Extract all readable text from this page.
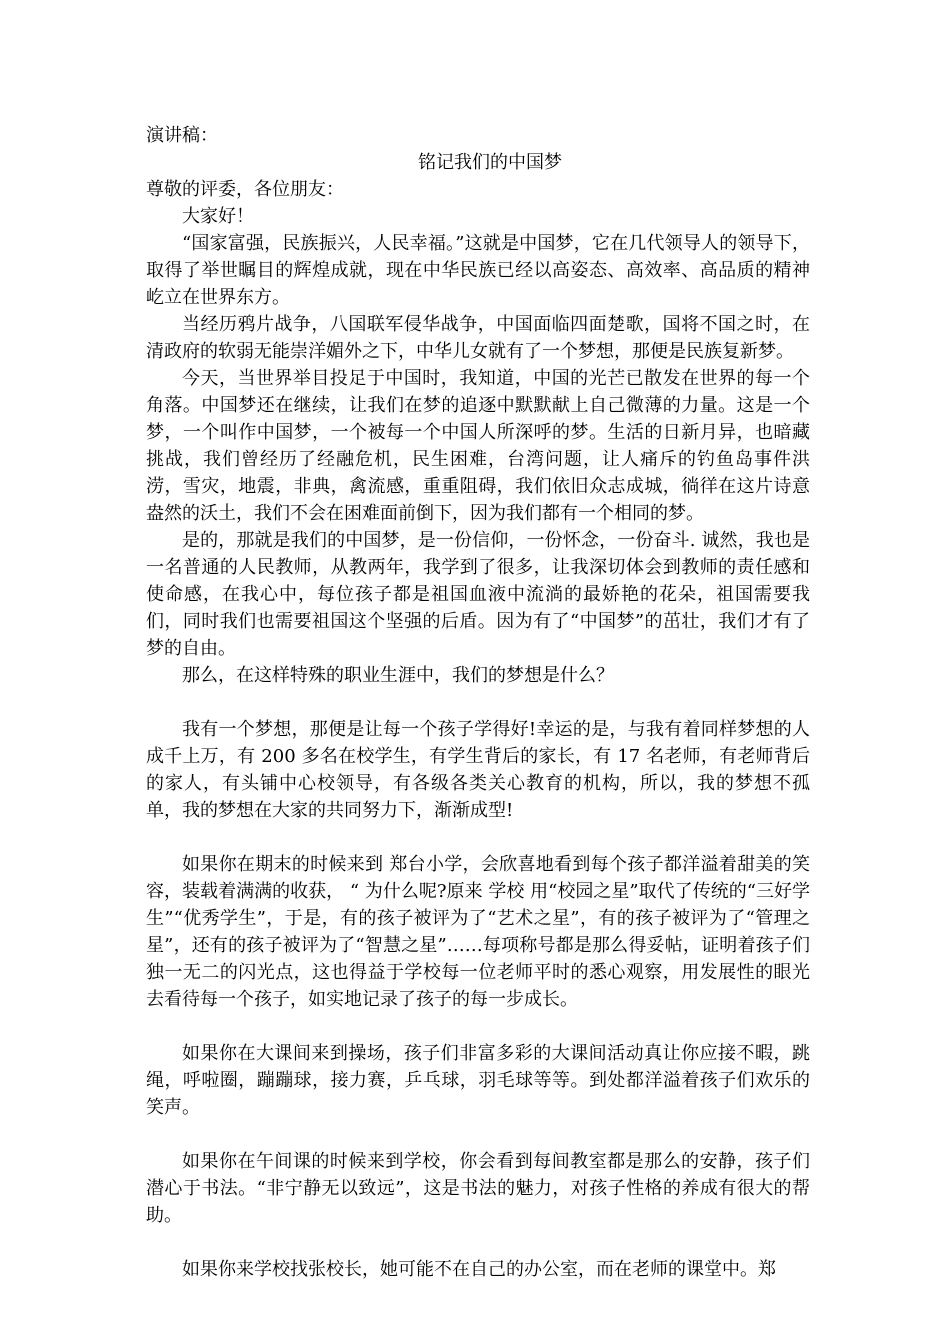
演讲稿：

铭记我们的中国梦

尊敬的评委，各位朋友：

大家好！

“国家富强，民族振兴，人民幸福。”这就是中国梦，它在几代领导人的领导下，取得了举世瞩目的辉煌成就，现在中华民族已经以高姿态、高效率、高品质的精神屹立在世界东方。

当经历鸦片战争，八国联军侵华战争，中国面临四面楚歌，国将不国之时，在清政府的软弱无能崇洋媚外之下，中华儿女就有了一个梦想，那便是民族复新梦。

今天，当世界举目投足于中国时，我知道，中国的光芒已散发在世界的每一个角落。中国梦还在继续，让我们在梦的追逐中默默献上自己微薄的力量。这是一个梦，一个叫作中国梦，一个被每一个中国人所深呼的梦。生活的日新月异，也暗藏挑战，我们曾经历了经融危机，民生困难，台湾问题，让人痛斥的钓鱼岛事件洪涝，雪灾，地震，非典，禽流感，重重阻碍，我们依旧众志成城，徜徉在这片诗意盎然的沃土，我们不会在困难面前倒下，因为我们都有一个相同的梦。

是的，那就是我们的中国梦，是一份信仰，一份怀念，一份奋斗. 诚然，我也是一名普通的人民教师，从教两年，我学到了很多，让我深切体会到教师的责任感和使命感，在我心中，每位孩子都是祖国血液中流淌的最娇艳的花朵，祖国需要我们，同时我们也需要祖国这个坚强的后盾。因为有了“中国梦”的茁壮，我们才有了梦的自由。

那么，在这样特殊的职业生涯中，我们的梦想是什么？

我有一个梦想，那便是让每一个孩子学得好!幸运的是，与我有着同样梦想的人成千上万，有 200 多名在校学生，有学生背后的家长，有 17 名老师，有老师背后的家人，有头铺中心校领导，有各级各类关心教育的机构，所以，我的梦想不孤单，我的梦想在大家的共同努力下，渐渐成型!

如果你在期末的时候来到 郑台小学，会欣喜地看到每个孩子都洋溢着甜美的笑容，装载着满满的收获， “ 为什么呢?原来 学校 用“校园之星”取代了传统的“三好学生”“优秀学生”，于是，有的孩子被评为了“艺术之星”，有的孩子被评为了“管理之星”，还有的孩子被评为了“智慧之星”……每项称号都是那么得妥帖，证明着孩子们独一无二的闪光点，这也得益于学校每一位老师平时的悉心观察，用发展性的眼光去看待每一个孩子，如实地记录了孩子的每一步成长。

如果你在大课间来到操场，孩子们非富多彩的大课间活动真让你应接不暇，跳绳，呼啦圈，蹦蹦球，接力赛，乒乓球，羽毛球等等。到处都洋溢着孩子们欢乐的笑声。

如果你在午间课的时候来到学校，你会看到每间教室都是那么的安静，孩子们潜心于书法。“非宁静无以致远”，这是书法的魅力，对孩子性格的养成有很大的帮助。

如果你来学校找张校长，她可能不在自己的办公室，而在老师的课堂中。郑
